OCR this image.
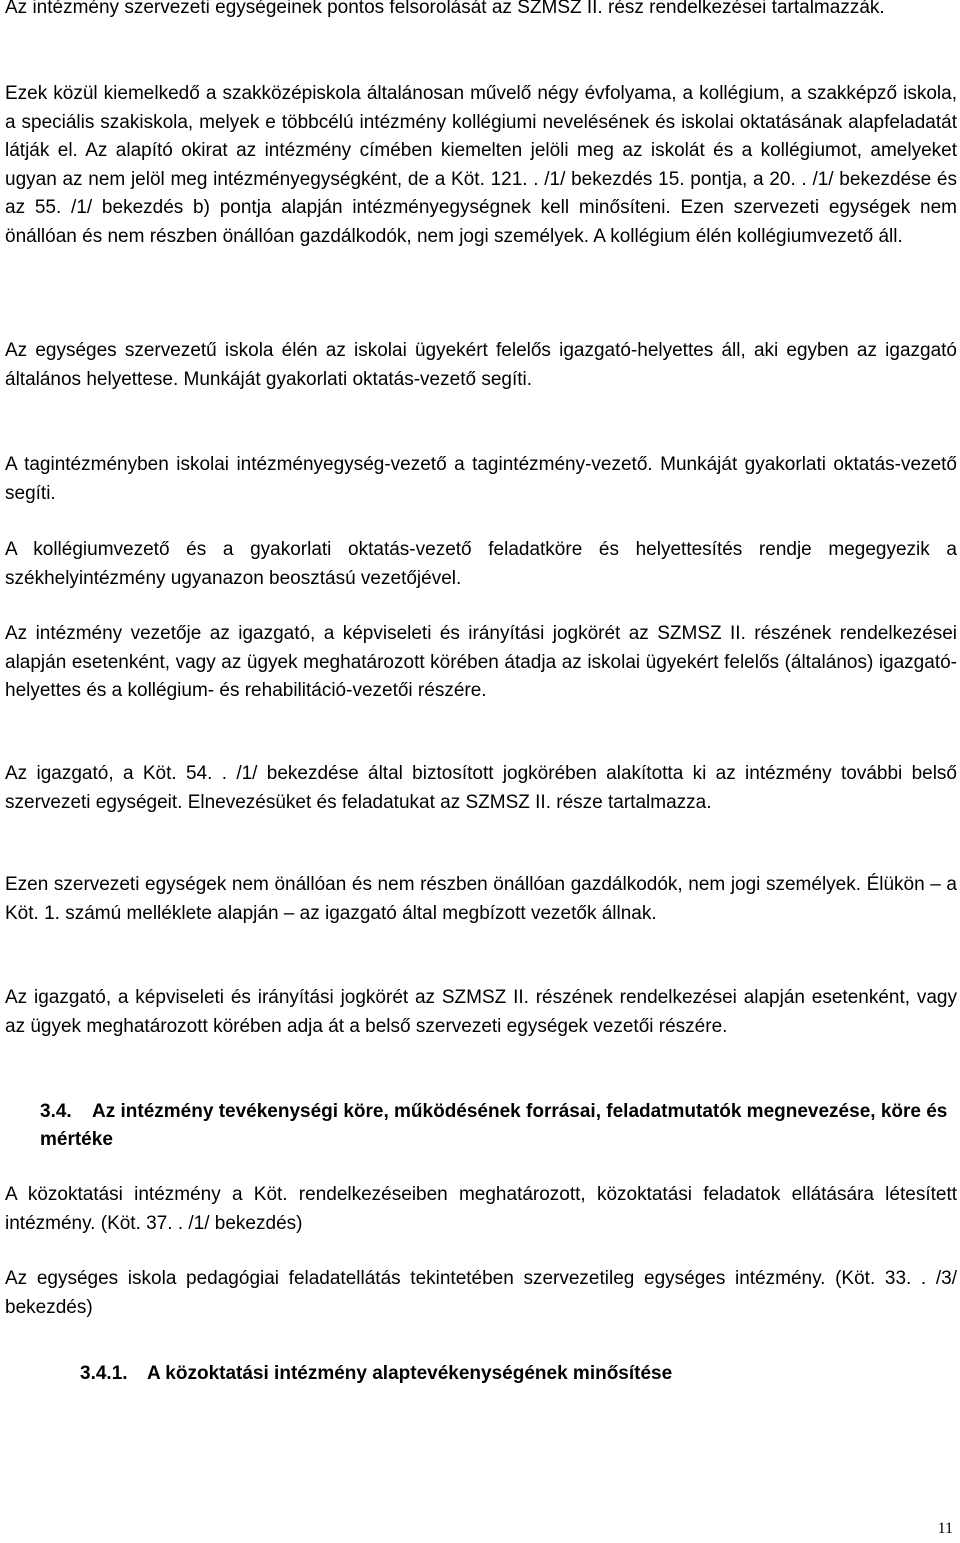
Az intézmény szervezeti egységeinek pontos felsorolását az SZMSZ II. rész rendelkezései tartalmazzák.

Ezek közül kiemelkedő a szakközépiskola általánosan művelő négy évfolyama, a kollégium, a szakképző iskola, a speciális szakiskola, melyek e többcélú intézmény kollégiumi nevelésének és iskolai oktatásának alapfeladatát látják el. Az alapító okirat az intézmény címében kiemelten jelöli meg az iskolát és a kollégiumot, amelyeket ugyan az nem jelöl meg intézményegységként, de a Köt. 121. . /1/ bekezdés 15. pontja, a 20. . /1/ bekezdése és az 55. /1/ bekezdés b) pontja alapján intézményegységnek kell minősíteni. Ezen szervezeti egységek nem önállóan és nem részben önállóan gazdálkodók, nem jogi személyek. A kollégium élén kollégiumvezető áll.

Az egységes szervezetű iskola élén az iskolai ügyekért felelős igazgató-helyettes áll, aki egyben az igazgató általános helyettese. Munkáját gyakorlati oktatás-vezető segíti.

A tagintézményben iskolai intézményegység-vezető a tagintézmény-vezető. Munkáját gyakorlati oktatás-vezető segíti.

A kollégiumvezető és a gyakorlati oktatás-vezető feladatköre és helyettesítés rendje megegyezik a székhelyintézmény ugyanazon beosztású vezetőjével.

Az intézmény vezetője az igazgató, a képviseleti és irányítási jogkörét az SZMSZ II. részének rendelkezései alapján esetenként, vagy az ügyek meghatározott körében átadja az iskolai ügyekért felelős (általános) igazgató-helyettes és a kollégium- és rehabilitáció-vezetői részére.

Az igazgató, a Köt. 54. . /1/ bekezdése által biztosított jogkörében alakította ki az intézmény további belső szervezeti egységeit. Elnevezésüket és feladatukat az SZMSZ II. része tartalmazza.

Ezen szervezeti egységek nem önállóan és nem részben önállóan gazdálkodók, nem jogi személyek. Élükön – a Köt. 1. számú melléklete alapján – az igazgató által megbízott vezetők állnak.

Az igazgató, a képviseleti és irányítási jogkörét az SZMSZ II. részének rendelkezései alapján esetenként, vagy az ügyek meghatározott körében adja át a belső szervezeti egységek vezetői részére.

3.4. Az intézmény tevékenységi köre, működésének forrásai, feladatmutatók megnevezése, köre és mértéke

A közoktatási intézmény a Köt. rendelkezéseiben meghatározott, közoktatási feladatok ellátására létesített intézmény. (Köt. 37. . /1/ bekezdés)

Az egységes iskola pedagógiai feladatellátás tekintetében szervezetileg egységes intézmény. (Köt. 33. . /3/ bekezdés)

3.4.1. A közoktatási intézmény alaptevékenységének minősítése
11
